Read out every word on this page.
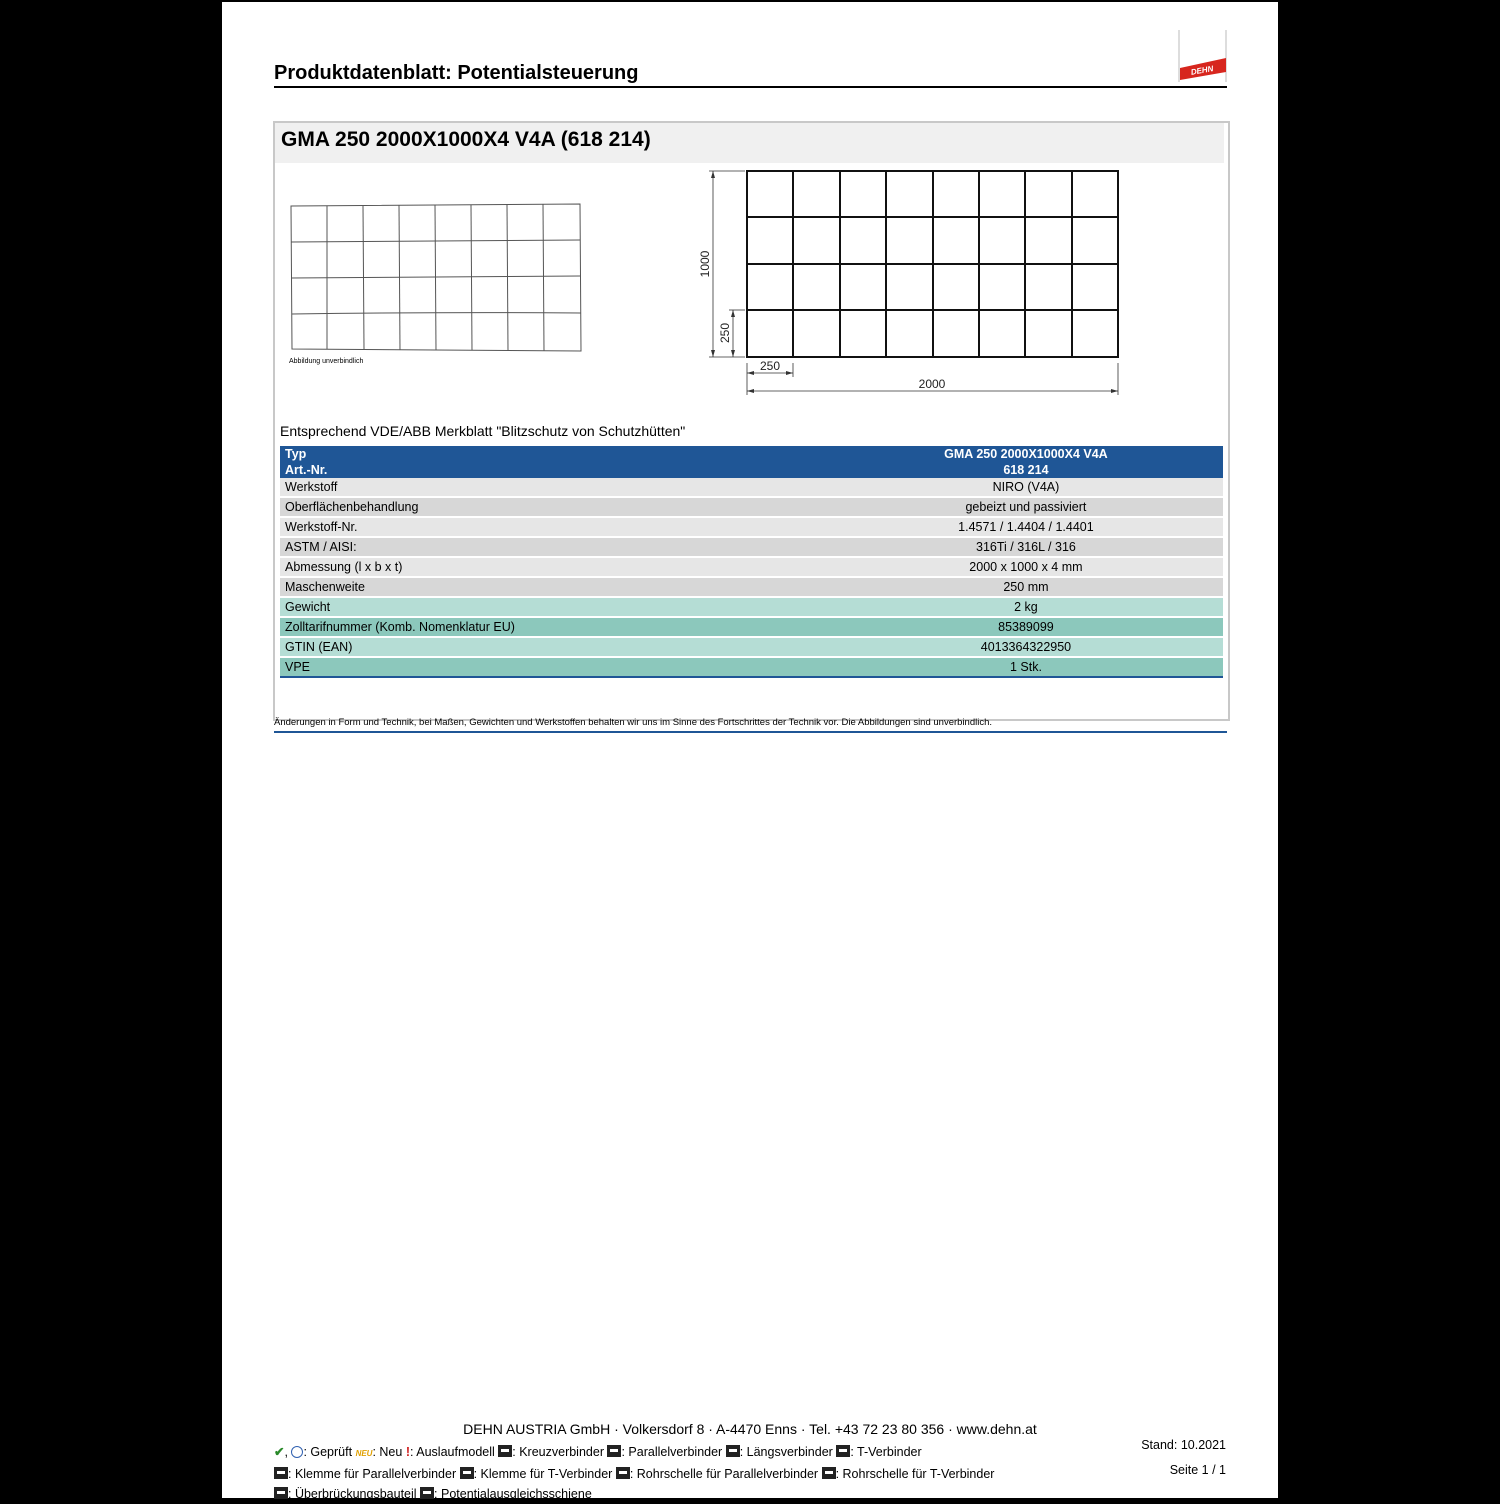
Produktdatenblatt: Potentialsteuerung	DEHN
GMA 250 2000X1000X4 V4A (618 214)
Abbildung unverbindlich
1000
250
250
2000
Entsprechend VDE/ABB Merkblatt "Blitzschutz von Schutzhütten"
Typ	GMA 250 2000X1000X4 V4A
Art.-Nr.	618 214
Werkstoff	NIRO (V4A)
Oberflächenbehandlung	gebeizt und passiviert
Werkstoff-Nr.	1.4571 / 1.4404 / 1.4401
ASTM / AISI:	316Ti / 316L / 316
Abmessung (l x b x t)	2000 x 1000 x 4 mm
Maschenweite	250 mm
Gewicht	2 kg
Zolltarifnummer (Komb. Nomenklatur EU)	85389099
GTIN (EAN)	4013364322950
VPE	1 Stk.
Änderungen in Form und Technik, bei Maßen, Gewichten und Werkstoffen behalten wir uns im Sinne des Fortschrittes der Technik vor. Die Abbildungen sind unverbindlich.
DEHN AUSTRIA GmbH · Volkersdorf 8 · A-4470 Enns · Tel. +43 72 23 80 356 · www.dehn.at
✔, : Geprüft NEU: Neu !: Auslaufmodell : Kreuzverbinder : Parallelverbinder : Längsverbinder : T-Verbinder
: Klemme für Parallelverbinder : Klemme für T-Verbinder : Rohrschelle für Parallelverbinder : Rohrschelle für T-Verbinder
: Überbrückungsbauteil : Potentialausgleichsschiene
Stand: 10.2021
Seite 1 / 1
